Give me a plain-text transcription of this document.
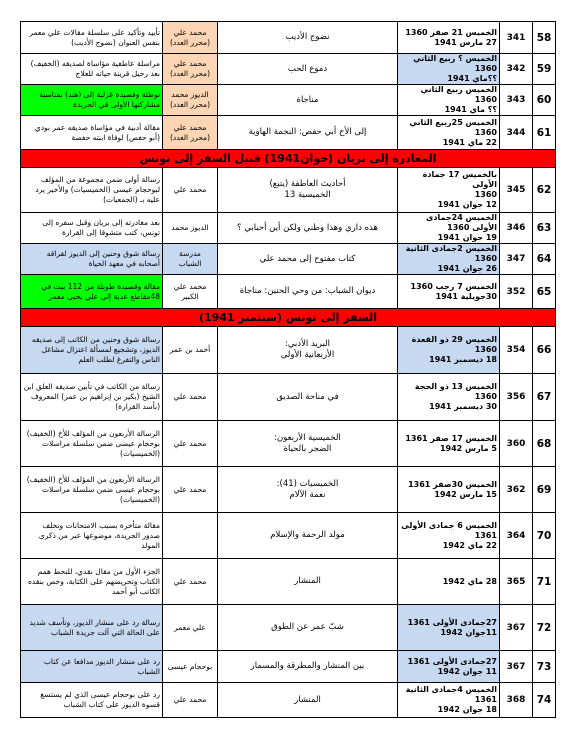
58	341	الخميس 21 صفر 1360
27 مارس 1941	نضوج الأديب	محمد علي
(محرر العدد)	تأييد وتأكيد على سلسلة مقالات علي معمر بنفس العنوان (نضوج الأديب)
59	342	الخميس ؟ ربيع الثاني 1360
؟؟ماي 1941	دموع الحب	محمد علي
(محرر العدد)	مراسلة عاطفية مؤاساة لصديقه (الخفيف) بعد رحيل قرينة حياته للعلاج
60	343	الخميس ربيع الثاني 1360
؟؟ ماي 1941	مناجاة	الديوز محمد
(محرر العدد)	توطئة وقصيدة غزلية إلى (هند) بمناسبة مشاركتها الأولى في الجريدة
61	344	الخميس 25ربيع الثاني 1360
22 ماي 1941	إلى الأخ أبي حفص: النجمة الهاوية	محمد علي
(محرر العدد)	مقالة أدبية في مؤاساة صديقه عمر بودي (أبو حفص) لوفاة ابنته حفصة
المغادرة إلى بريان (جوان1941) قبيل السفر إلى تونس					
62	345	بالخميس 17 جمادة الأولى
1360
12 جوان 1941	أحاديث العاطفة (يتبع)
الخميسية 13	محمد علي	رسالة أولى ضمن مجموعة من المؤلف لبوحجام عيسى (الخميسيات) والأخير يرد عليه بـ (الجمعيات)
63	346	الخميس 24جمادى الأولى 1360
19 جوان 1941	هذه داري وهذا وطني ولكن أين أحبابي ؟	الديوز محمد	بعد مغادرته إلى بريان وقبل سفره إلى تونس، كتب متشوقا إلى القرارة
64	347	الخميس 2جمادى الثانية 1360
26 جوان 1941	كتاب مفتوح إلى محمد علي	مدرسة
الشباب	رسالة شوق وحنين إلى الديوز لفراقه أصحابه في معهد الحياة
65	352	الخميس 7 رجب 1360
30جويلية 1941	ديوان الشباب: من وحي الحنين: مناجاة	محمد علي
الكبير	مقالة وقصيدة طويلة من 112 بيت في 48مقاطع عدية إلى علي يحيى معمر
السفر إلى تونس (سبتمبر 1941)					
66	354	الخميس 29 ذو القعدة 1360
18 ديسمبر 1941	البريد الأدبي:
الأربعانية الأولى	أحمد بن عمر	رسالة شوق وحنين من الكاتب إلى صديقه الديوز، وتشجيع لمسألة اعتزال مشاغل الناس والتفرغ لطلب العلم
67	356	الخميس 13 ذو الحجة 1360
30 ديسمبر 1941	في مناحة الصديق	محمد علي	رسالة من الكاتب في تأبين صديقه العلق ابن الشيخ (بكير بن إبراهيم بن عمر) المعروف (بأسد القرارة)
68	360	الخميس 17 صفر 1361
5 مارس 1942	الخميسية الأربعون:
الضجر بالحياة	محمد علي	الرسالة الأربعون من المؤلف للأخ (الخفيف) بوحجام عيسى ضمن سلسلة مراسلات (الخميسيات)
69	362	الخميس 30صفر 1361
15 مارس 1942	الخميسيات (41):
نعمة الآلام	محمد علي	الرسالة الأربعون من المؤلف للأخ (الخفيف) بوحجام عيسى ضمن سلسلة مراسلات (الخميسيات)
70	364	الخميس 6 جمادى الأولى
1361
22 ماي 1942	مولد الرحمة والإسلام		مقالة متأخرة بسبب الامتحانات وتخلف صدور الجريدة، موضوعها عبر من ذكرى المولد
71	365	28 ماي 1942	المنشار	محمد علي	الجزء الأول من مقال نقدي، للنحط همم الكتاب وتحريضهم على الكتابة، وخص بنقده الكاتب أبو أحمد
72	367	27جمادى الأولى 1361
11جوان 1942	شبّ عمر عن الطوق	علي معمر	رسالة رد على منشار الديوز، وتأسف شديد على الحالة التي آلت جريدة الشباب
73	367	27جمادى الأولى 1361
11 جوان 1942	بين المنشار والمطرقة والمسمار	بوحجام عيسى	رد على منشار الديوز مدافعا عن كتاب الشباب
74	368	الخميس 4جمادى الثانية 1361
18 جوان 1942	المنشار	محمد علي	رد على بوحجام عيسى الذي لم يستسغ قسوة الديوز على كتاب الشباب
